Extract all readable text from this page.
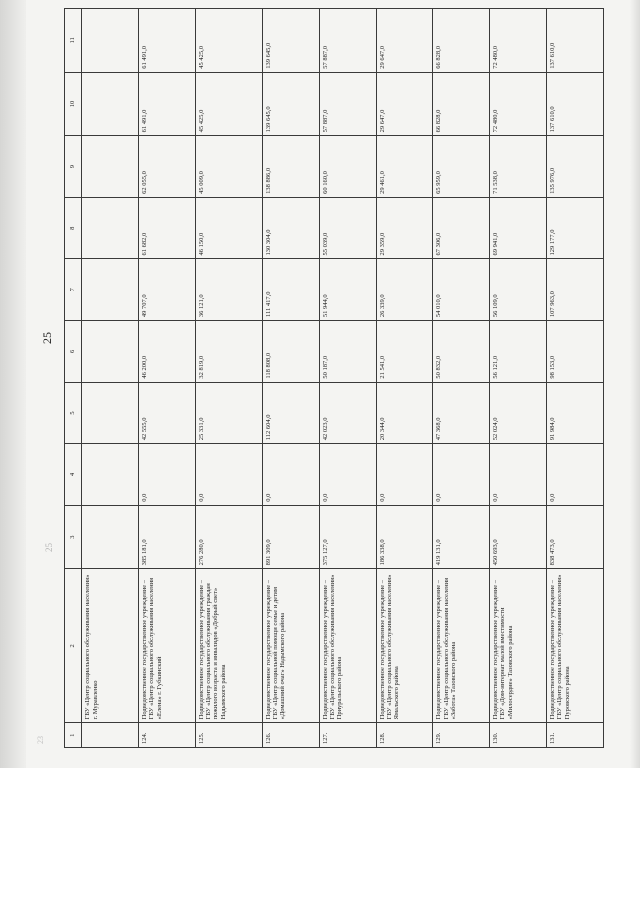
25
25
23
1	2	3	4	5	6	7	8	9	10	11
	ГБУ «Центр социального обслуживания населения» г. Муравленко									
124.	Подведомственное государственное учреждение – ГБУ «Центр социального обслуживания населения «Елена» г. Губкинский	385 181,0	0,0	42 555,0	46 200,0	49 707,0	61 682,0	62 055,0	61 491,0	61 491,0
125.	Подведомственное государственное учреждение – ГБУ «Центр социального обслуживания граждан пожилого возраста и инвалидов «Добрый свет» Надымского района	276 280,0	0,0	25 331,0	32 819,0	36 121,0	46 150,0	45 009,0	45 425,0	45 425,0
126.	Подведомственное государственное учреждение – ГБУ «Центр социальной помощи семье и детям «Домашний очаг» Надымского района	891 309,0	0,0	112 604,0	118 808,0	111 417,0	130 304,0	138 886,0	139 645,0	139 645,0
127.	Подведомственное государственное учреждение – ГБУ «Центр социального обслуживания населения» Приуральского района	375 127,0	0,0	42 023,0	50 187,0	51 944,0	55 039,0	60 160,0	57 887,0	57 887,0
128.	Подведомственное государственное учреждение – ГБУ «Центр социального обслуживания населения» Ямальского района	186 338,0	0,0	20 344,0	21 541,0	26 339,0	29 359,0	29 461,0	29 647,0	29 647,0
129.	Подведомственное государственное учреждение – ГБУ «Центр социального обслуживания населения «Забота» Тазовского района	419 131,0	0,0	47 368,0	50 832,0	54 010,0	67 306,0	65 959,0	66 828,0	66 828,0
130.	Подведомственное государственное учреждение – ГБУ «Дом-интернат малой вместимости «Милосердие» Тазовского района	450 693,0	0,0	52 024,0	56 121,0	56 109,0	69 941,0	71 538,0	72 480,0	72 480,0
131.	Подведомственное государственное учреждение – ГБУ «Центр социального обслуживания населения» Пуровского района	838 473,0	0,0	91 984,0	98 153,0	107 963,0	129 177,0	135 976,0	137 610,0	137 610,0
